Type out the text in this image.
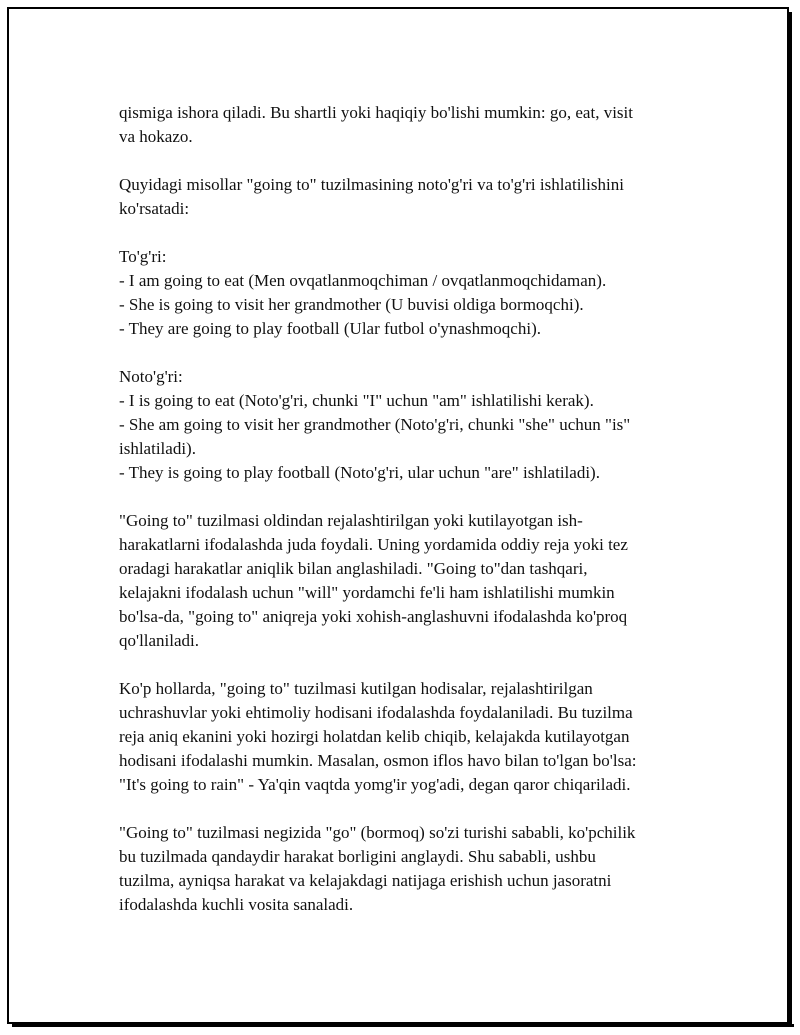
qismiga ishora qiladi. Bu shartli yoki haqiqiy bo'lishi mumkin: go, eat, visit
va hokazo.

Quyidagi misollar "going to" tuzilmasining noto'g'ri va to'g'ri ishlatilishini
ko'rsatadi:

To'g'ri:
- I am going to eat (Men ovqatlanmoqchiman / ovqatlanmoqchidaman).
- She is going to visit her grandmother (U buvisi oldiga bormoqchi).
- They are going to play football (Ular futbol o'ynashmoqchi).

Noto'g'ri:
- I is going to eat (Noto'g'ri, chunki "I" uchun "am" ishlatilishi kerak).
- She am going to visit her grandmother (Noto'g'ri, chunki "she" uchun "is"
ishlatiladi).
- They is going to play football (Noto'g'ri, ular uchun "are" ishlatiladi).

"Going to" tuzilmasi oldindan rejalashtirilgan yoki kutilayotgan ish-
harakatlarni ifodalashda juda foydali. Uning yordamida oddiy reja yoki tez
oradagi harakatlar aniqlik bilan anglashiladi. "Going to"dan tashqari,
kelajakni ifodalash uchun "will" yordamchi fe'li ham ishlatilishi mumkin
bo'lsa-da, "going to" aniqreja yoki xohish-anglashuvni ifodalashda ko'proq
qo'llaniladi.

Ko'p hollarda, "going to" tuzilmasi kutilgan hodisalar, rejalashtirilgan
uchrashuvlar yoki ehtimoliy hodisani ifodalashda foydalaniladi. Bu tuzilma
reja aniq ekanini yoki hozirgi holatdan kelib chiqib, kelajakda kutilayotgan
hodisani ifodalashi mumkin. Masalan, osmon iflos havo bilan to'lgan bo'lsa:
"It's going to rain" - Ya'qin vaqtda yomg'ir yog'adi, degan qaror chiqariladi.

"Going to" tuzilmasi negizida "go" (bormoq) so'zi turishi sababli, ko'pchilik
bu tuzilmada qandaydir harakat borligini anglaydi. Shu sababli, ushbu
tuzilma, ayniqsa harakat va kelajakdagi natijaga erishish uchun jasoratni
ifodalashda kuchli vosita sanaladi.
